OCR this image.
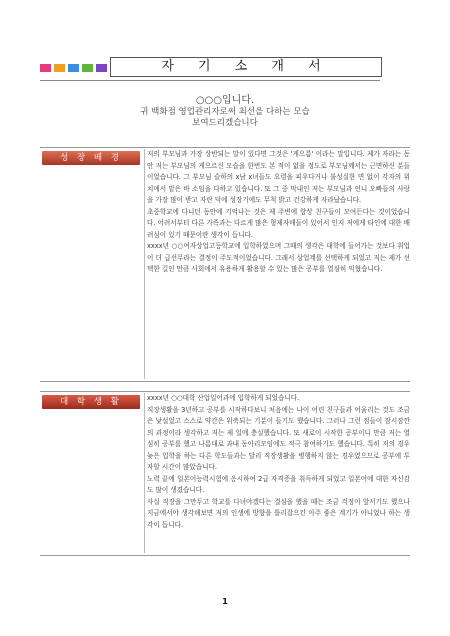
자 기 소 개 서
○○○입니다.
귀 백화점 영업관리자로써 최선을 다하는 모습
보여드리겠습니다
성 장 배 경	저의 부모님과 가장 상반되는 말이 있다면 그것은 '게으름' 이라는 말입니다. 제가 자라는 동안 저는 부모님의 게으르신 모습을 한번도 본 적이 없을 정도로 부모님께서는 근면하신 분들이었습니다. 그 부모님 슬하의 x남 x녀들도 요령을 피우다거나 불성실한 면 없이 각자의 위치에서 맡은 바 소임을 다하고 있습니다. 또 그 중 막내인 저는 부모님과 언니 오빠들의 사랑을 가장 많이 받고 자란 덕에 성장기에도 무척 밝고 건강하게 자라났습니다.

초중학교에 다니던 동안에 기억나는 것은 제 주변에 항상 친구들이 모여든다는 것이었습니다. 어려서부터 다른 가족과는 다르게 많은 형제자매들이 있어서 인지 저에게 타인에 대한 배려심이 있기 때문이란 생각이 듭니다.

xxxx년 ○○여자상업고등학교에 입학하였으며 그때의 생각은 대학에 들어가는 것보다 취업이 더 급선무라는 결정이 주도적이었습니다. 그래서 상업계를 선택하게 되었고 저는 제가 선택한 길인 만큼 사회에서 유용하게 활용할 수 있는 많은 공부를 열심히 익혔습니다.

대 학 생 활	xxxx년 ○○대학 산업일어과에 입학하게 되었습니다.

직장생활을 3년하고 공부를 시작하다보니 처음에는 나이 어린 친구들과 어울리는 것도 조금은 낯설었고 스스로 약간은 위축되는 기분이 들기도 했습니다. 그러나 그런 점들이 잠시잠깐의 과정이라 생각하고 저는 제 일에 충실했습니다. 또 새로이 시작한 공부이니 만큼 저는 열심히 공부를 했고 나름대로 과내 동아리모임에도 적극 참여하기도 했습니다. 특히 저의 경우 늦은 입학을 하는 다른 학도들과는 달리 직장생활을 병행하지 않는 경우였으므로 공부에 투자할 시간이 많았습니다.

노력 끝에 일본어능력시험에 응시하여 2급 자격증을 취득하게 되었고 일본어에 대한 자신감도 많이 생겼습니다.

사실 직장을 그만두고 학교를 다녀야겠다는 결심을 했을 때는 조금 걱정이 앞서기도 했으나 지금에서야 생각해보면 저의 인생에 방향을 틀리잡으킨 아주 좋은 계기가 아니었나 하는 생각이 듭니다.

1
